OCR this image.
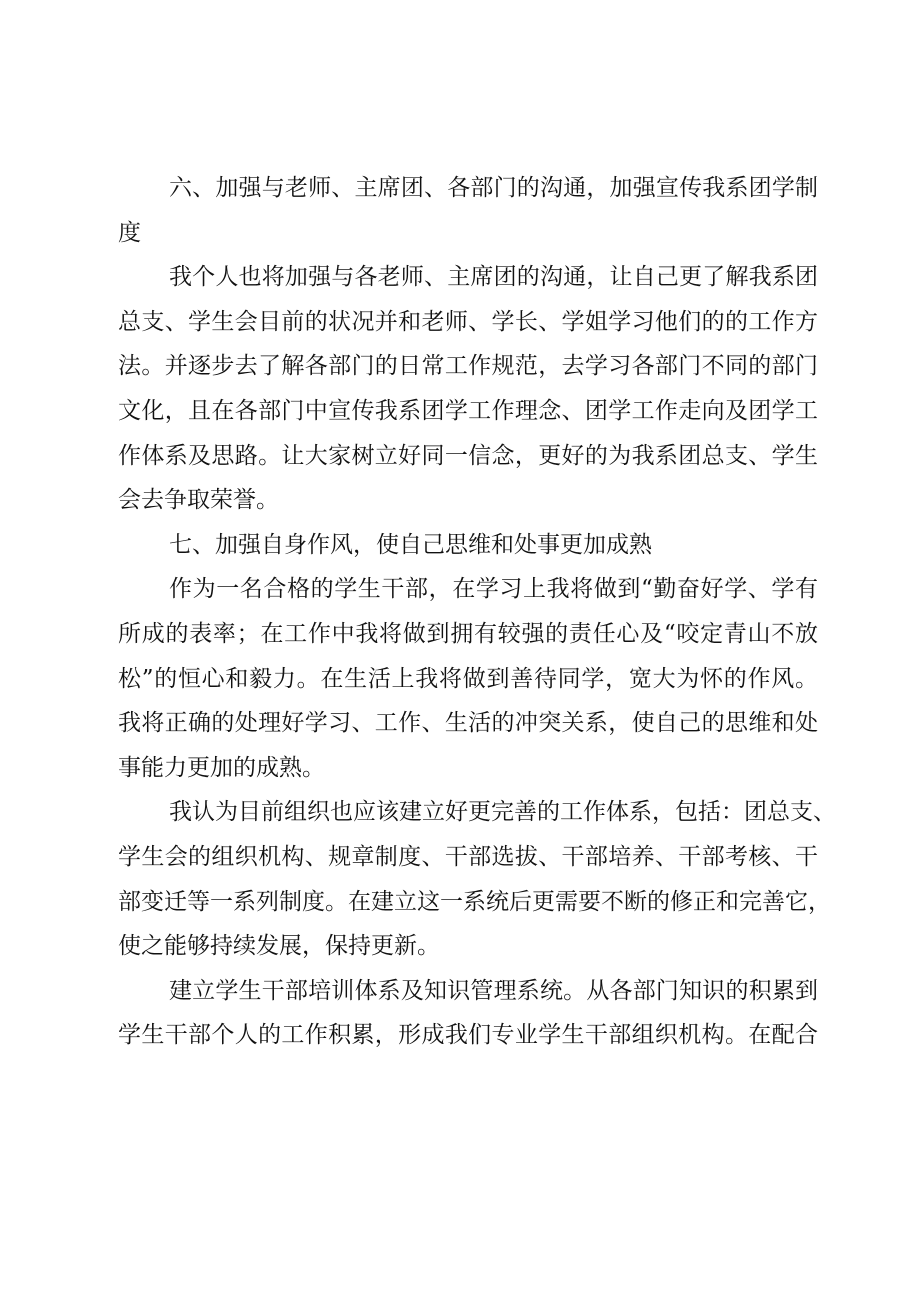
六、加强与老师、主席团、各部门的沟通，加强宣传我系团学制
度
我个人也将加强与各老师、主席团的沟通，让自己更了解我系团
总支、学生会目前的状况并和老师、学长、学姐学习他们的的工作方
法。并逐步去了解各部门的日常工作规范，去学习各部门不同的部门
文化，且在各部门中宣传我系团学工作理念、团学工作走向及团学工
作体系及思路。让大家树立好同一信念，更好的为我系团总支、学生
会去争取荣誉。
七、加强自身作风，使自己思维和处事更加成熟
作为一名合格的学生干部，在学习上我将做到“勤奋好学、学有
所成的表率；在工作中我将做到拥有较强的责任心及“咬定青山不放
松”的恒心和毅力。在生活上我将做到善待同学，宽大为怀的作风。
我将正确的处理好学习、工作、生活的冲突关系，使自己的思维和处
事能力更加的成熟。
我认为目前组织也应该建立好更完善的工作体系，包括：团总支、
学生会的组织机构、规章制度、干部选拔、干部培养、干部考核、干
部变迁等一系列制度。在建立这一系统后更需要不断的修正和完善它，
使之能够持续发展，保持更新。
建立学生干部培训体系及知识管理系统。从各部门知识的积累到
学生干部个人的工作积累，形成我们专业学生干部组织机构。在配合
